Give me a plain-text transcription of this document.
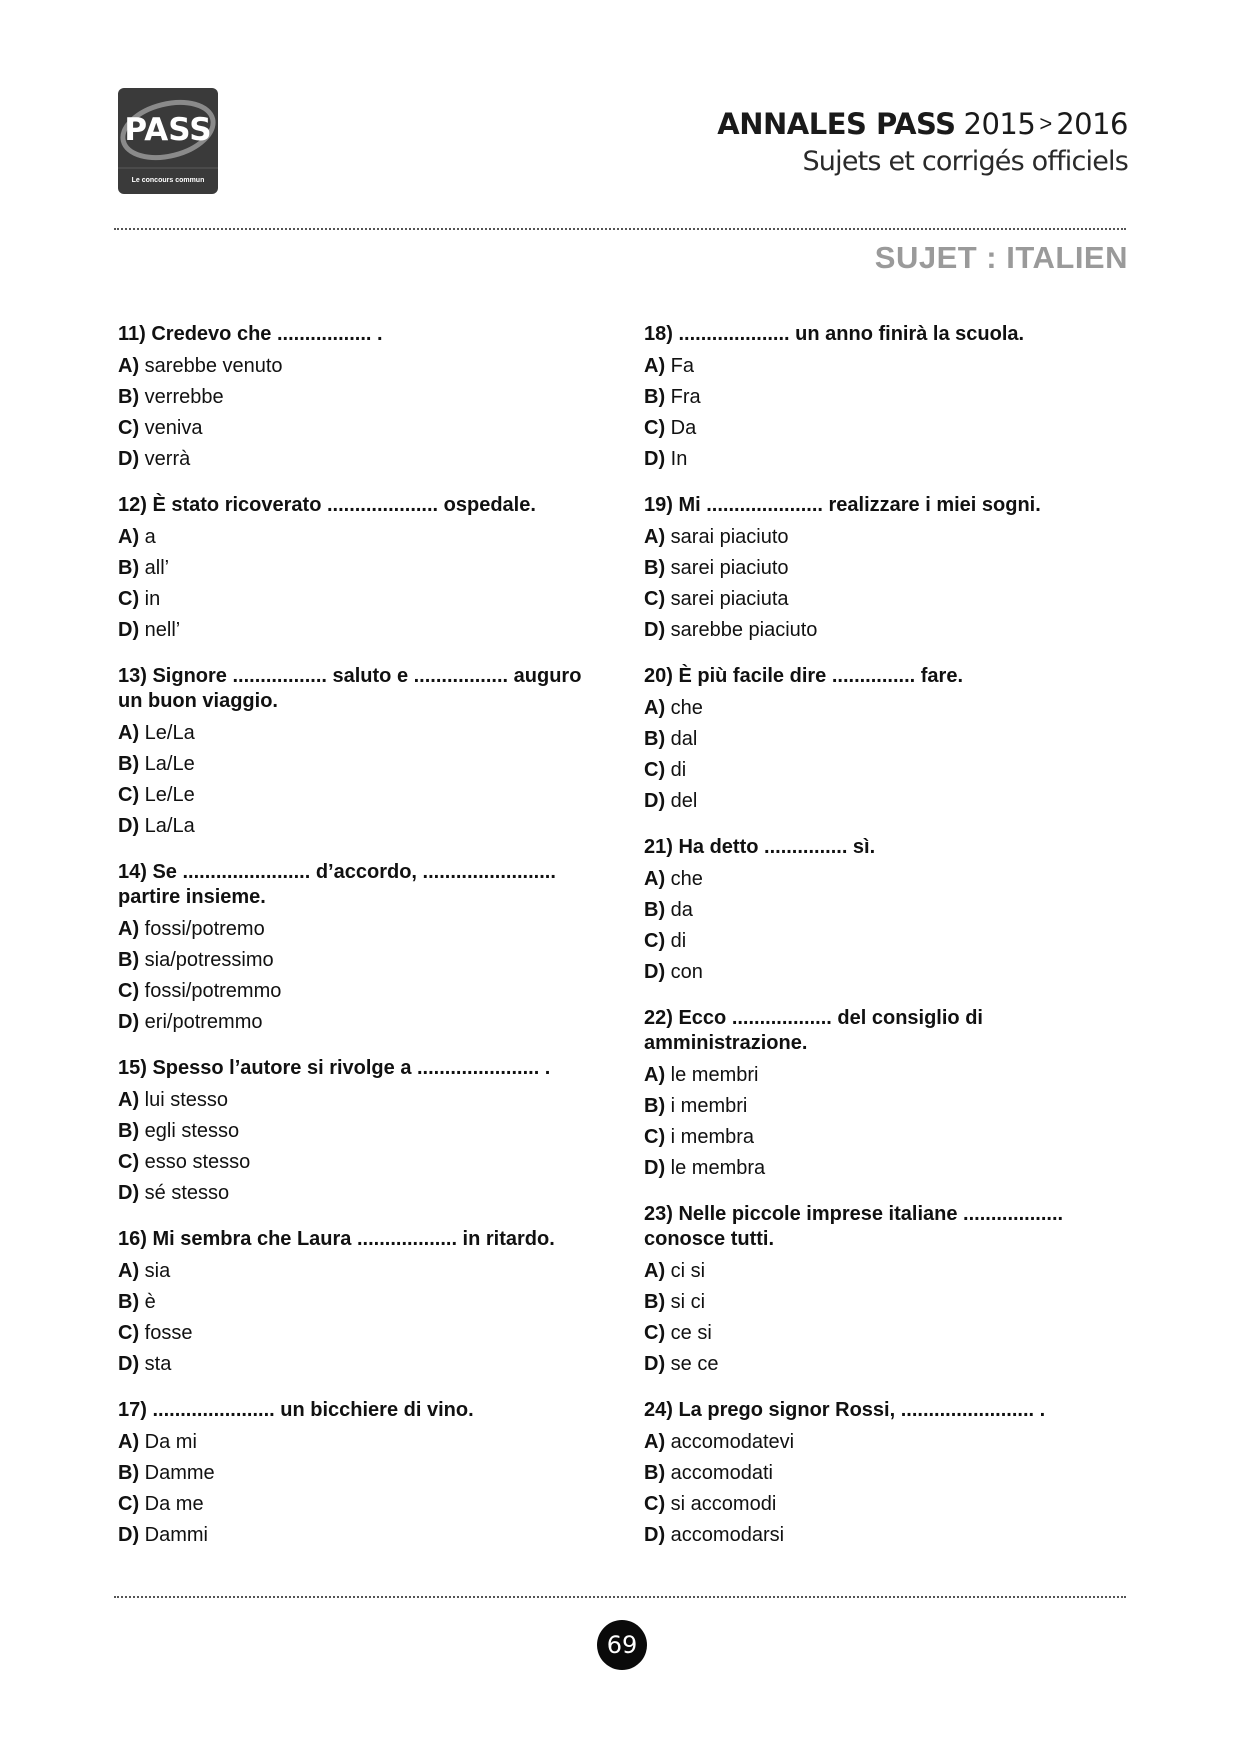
PASS
Le concours commun
ANNALES PASS 2015 > 2016
Sujets et corrigés officiels
SUJET : ITALIEN
11) Credevo che ................. .
A) sarebbe venuto
B) verrebbe
C) veniva
D) verrà
12) È stato ricoverato .................... ospedale.
A) a
B) all’
C) in
D) nell’
13) Signore ................. saluto e ................. auguro un buon viaggio.
A) Le/La
B) La/Le
C) Le/Le
D) La/La
14) Se ....................... d’accordo, ........................ partire insieme.
A) fossi/potremo
B) sia/potressimo
C) fossi/potremmo
D) eri/potremmo
15) Spesso l’autore si rivolge a ...................... .
A) lui stesso
B) egli stesso
C) esso stesso
D) sé stesso
16) Mi sembra che Laura .................. in ritardo.
A) sia
B) è
C) fosse
D) sta
17) ...................... un bicchiere di vino.
A) Da mi
B) Damme
C) Da me
D) Dammi
18) .................... un anno finirà la scuola.
A) Fa
B) Fra
C) Da
D) In
19) Mi ..................... realizzare i miei sogni.
A) sarai piaciuto
B) sarei piaciuto
C) sarei piaciuta
D) sarebbe piaciuto
20) È più facile dire ............... fare.
A) che
B) dal
C) di
D) del
21) Ha detto ............... sì.
A) che
B) da
C) di
D) con
22) Ecco .................. del consiglio di amministrazione.
A) le membri
B) i membri
C) i membra
D) le membra
23) Nelle piccole imprese italiane .................. conosce tutti.
A) ci si
B) si ci
C) ce si
D) se ce
24) La prego signor Rossi, ........................ .
A) accomodatevi
B) accomodati
C) si accomodi
D) accomodarsi
69
